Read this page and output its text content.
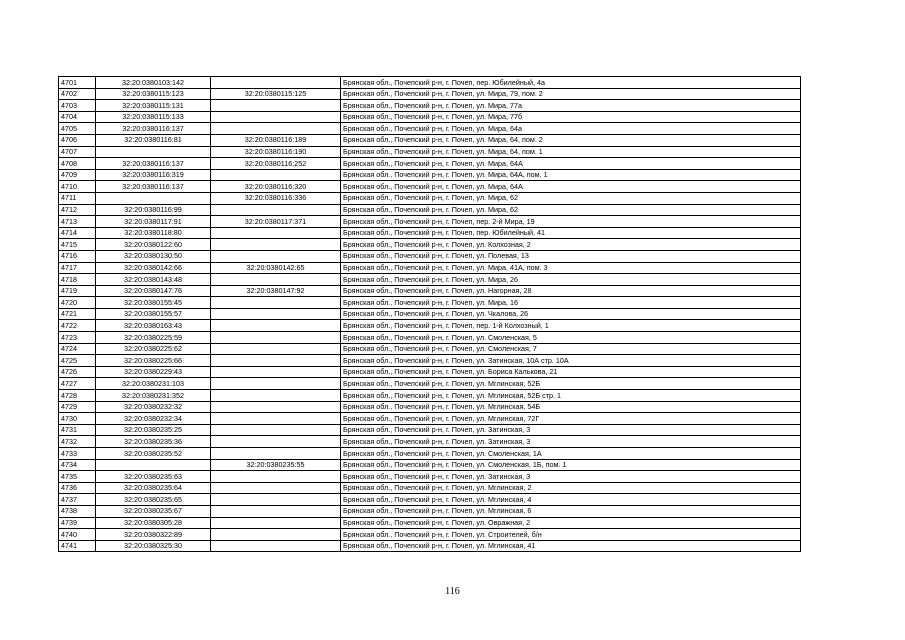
4701	32:20:0380103:142		Брянская обл., Почепский р-н, г. Почеп, пер. Юбилейный, 4а
4702	32:20:0380115:123	32:20:0380115:125	Брянская обл., Почепский р-н, г. Почеп, ул. Мира, 79, пом. 2
4703	32:20:0380115:131		Брянская обл., Почепский р-н, г. Почеп, ул. Мира, 77а
4704	32:20:0380115:133		Брянская обл., Почепский р-н, г. Почеп, ул. Мира, 77б
4705	32:20:0380116:137		Брянская обл., Почепский р-н, г. Почеп, ул. Мира, 64а
4706	32:20:0380116:81	32:20:0380116:189	Брянская обл., Почепский р-н, г. Почеп, ул. Мира, 64, пом. 2
4707		32:20:0380116:190	Брянская обл., Почепский р-н, г. Почеп, ул. Мира, 64, пом. 1
4708	32:20:0380116:137	32:20:0380116:252	Брянская обл., Почепский р-н, г. Почеп, ул. Мира, 64А
4709	32:20:0380116:319		Брянская обл., Почепский р-н, г. Почеп, ул. Мира, 64А, пом. 1
4710	32:20:0380116:137	32:20:0380116:320	Брянская обл., Почепский р-н, г. Почеп, ул. Мира, 64А
4711		32:20:0380116:336	Брянская обл., Почепский р-н, г. Почеп, ул. Мира, 62
4712	32:20:0380116:99		Брянская обл., Почепский р-н, г. Почеп, ул. Мира, 62
4713	32:20:0380117:91	32:20:0380117:371	Брянская обл., Почепский р-н, г. Почеп, пер. 2-й Мира, 19
4714	32:20:0380118:80		Брянская обл., Почепский р-н, г. Почеп, пер. Юбилейный, 41
4715	32:20:0380122:60		Брянская обл., Почепский р-н, г. Почеп, ул. Колхозная, 2
4716	32:20:0380130:50		Брянская обл., Почепский р-н, г. Почеп, ул. Полевая, 13
4717	32:20:0380142:66	32:20:0380142:65	Брянская обл., Почепский р-н, г. Почеп, ул. Мира, 41А, пом. 3
4718	32:20:0380143:48		Брянская обл., Почепский р-н, г. Почеп, ул. Мира, 26
4719	32:20:0380147:76	32:20:0380147:92	Брянская обл., Почепский р-н, г. Почеп, ул. Нагорная, 28
4720	32:20:0380155:45		Брянская обл., Почепский р-н, г. Почеп, ул. Мира, 16
4721	32:20:0380155:57		Брянская обл., Почепский р-н, г. Почеп, ул. Чкалова, 26
4722	32:20:0380163:43		Брянская обл., Почепский р-н, г. Почеп, пер. 1-й Колхозный, 1
4723	32:20:0380225:59		Брянская обл., Почепский р-н, г. Почеп, ул. Смоленская, 5
4724	32:20:0380225:62		Брянская обл., Почепский р-н, г. Почеп, ул. Смоленская, 7
4725	32:20:0380225:66		Брянская обл., Почепский р-н, г. Почеп, ул. Затинская, 10А стр. 10А
4726	32:20:0380229:43		Брянская обл., Почепский р-н, г. Почеп, ул. Бориса Калькова, 21
4727	32:20:0380231:103		Брянская обл., Почепский р-н, г. Почеп, ул. Мглинская, 52Б
4728	32:20:0380231:352		Брянская обл., Почепский р-н, г. Почеп, ул. Мглинская, 52Б стр. 1
4729	32:20:0380232:32		Брянская обл., Почепский р-н, г. Почеп, ул. Мглинская, 54Б
4730	32:20:0380232:34		Брянская обл., Почепский р-н, г. Почеп, ул. Мглинская, 72Г
4731	32:20:0380235:25		Брянская обл., Почепский р-н, г. Почеп, ул. Затинская, 3
4732	32:20:0380235:36		Брянская обл., Почепский р-н, г. Почеп, ул. Затинская, 3
4733	32:20:0380235:52		Брянская обл., Почепский р-н, г. Почеп, ул. Смоленская, 1А
4734		32:20:0380235:55	Брянская обл., Почепский р-н, г. Почеп, ул. Смоленская, 1Б, пом. 1
4735	32:20:0380235:63		Брянская обл., Почепский р-н, г. Почеп, ул. Затинская, 3
4736	32:20:0380235:64		Брянская обл., Почепский р-н, г. Почеп, ул. Мглинская, 2
4737	32:20:0380235:65		Брянская обл., Почепский р-н, г. Почеп, ул. Мглинская, 4
4738	32:20:0380235:67		Брянская обл., Почепский р-н, г. Почеп, ул. Мглинская, 6
4739	32:20:0380305:28		Брянская обл., Почепский р-н, г. Почеп, ул. Овражная, 2
4740	32:20:0380322:89		Брянская обл., Почепский р-н, г. Почеп, ул. Строителей, б/н
4741	32:20:0380325:30		Брянская обл., Почепский р-н, г. Почеп, ул. Мглинская, 41
116
